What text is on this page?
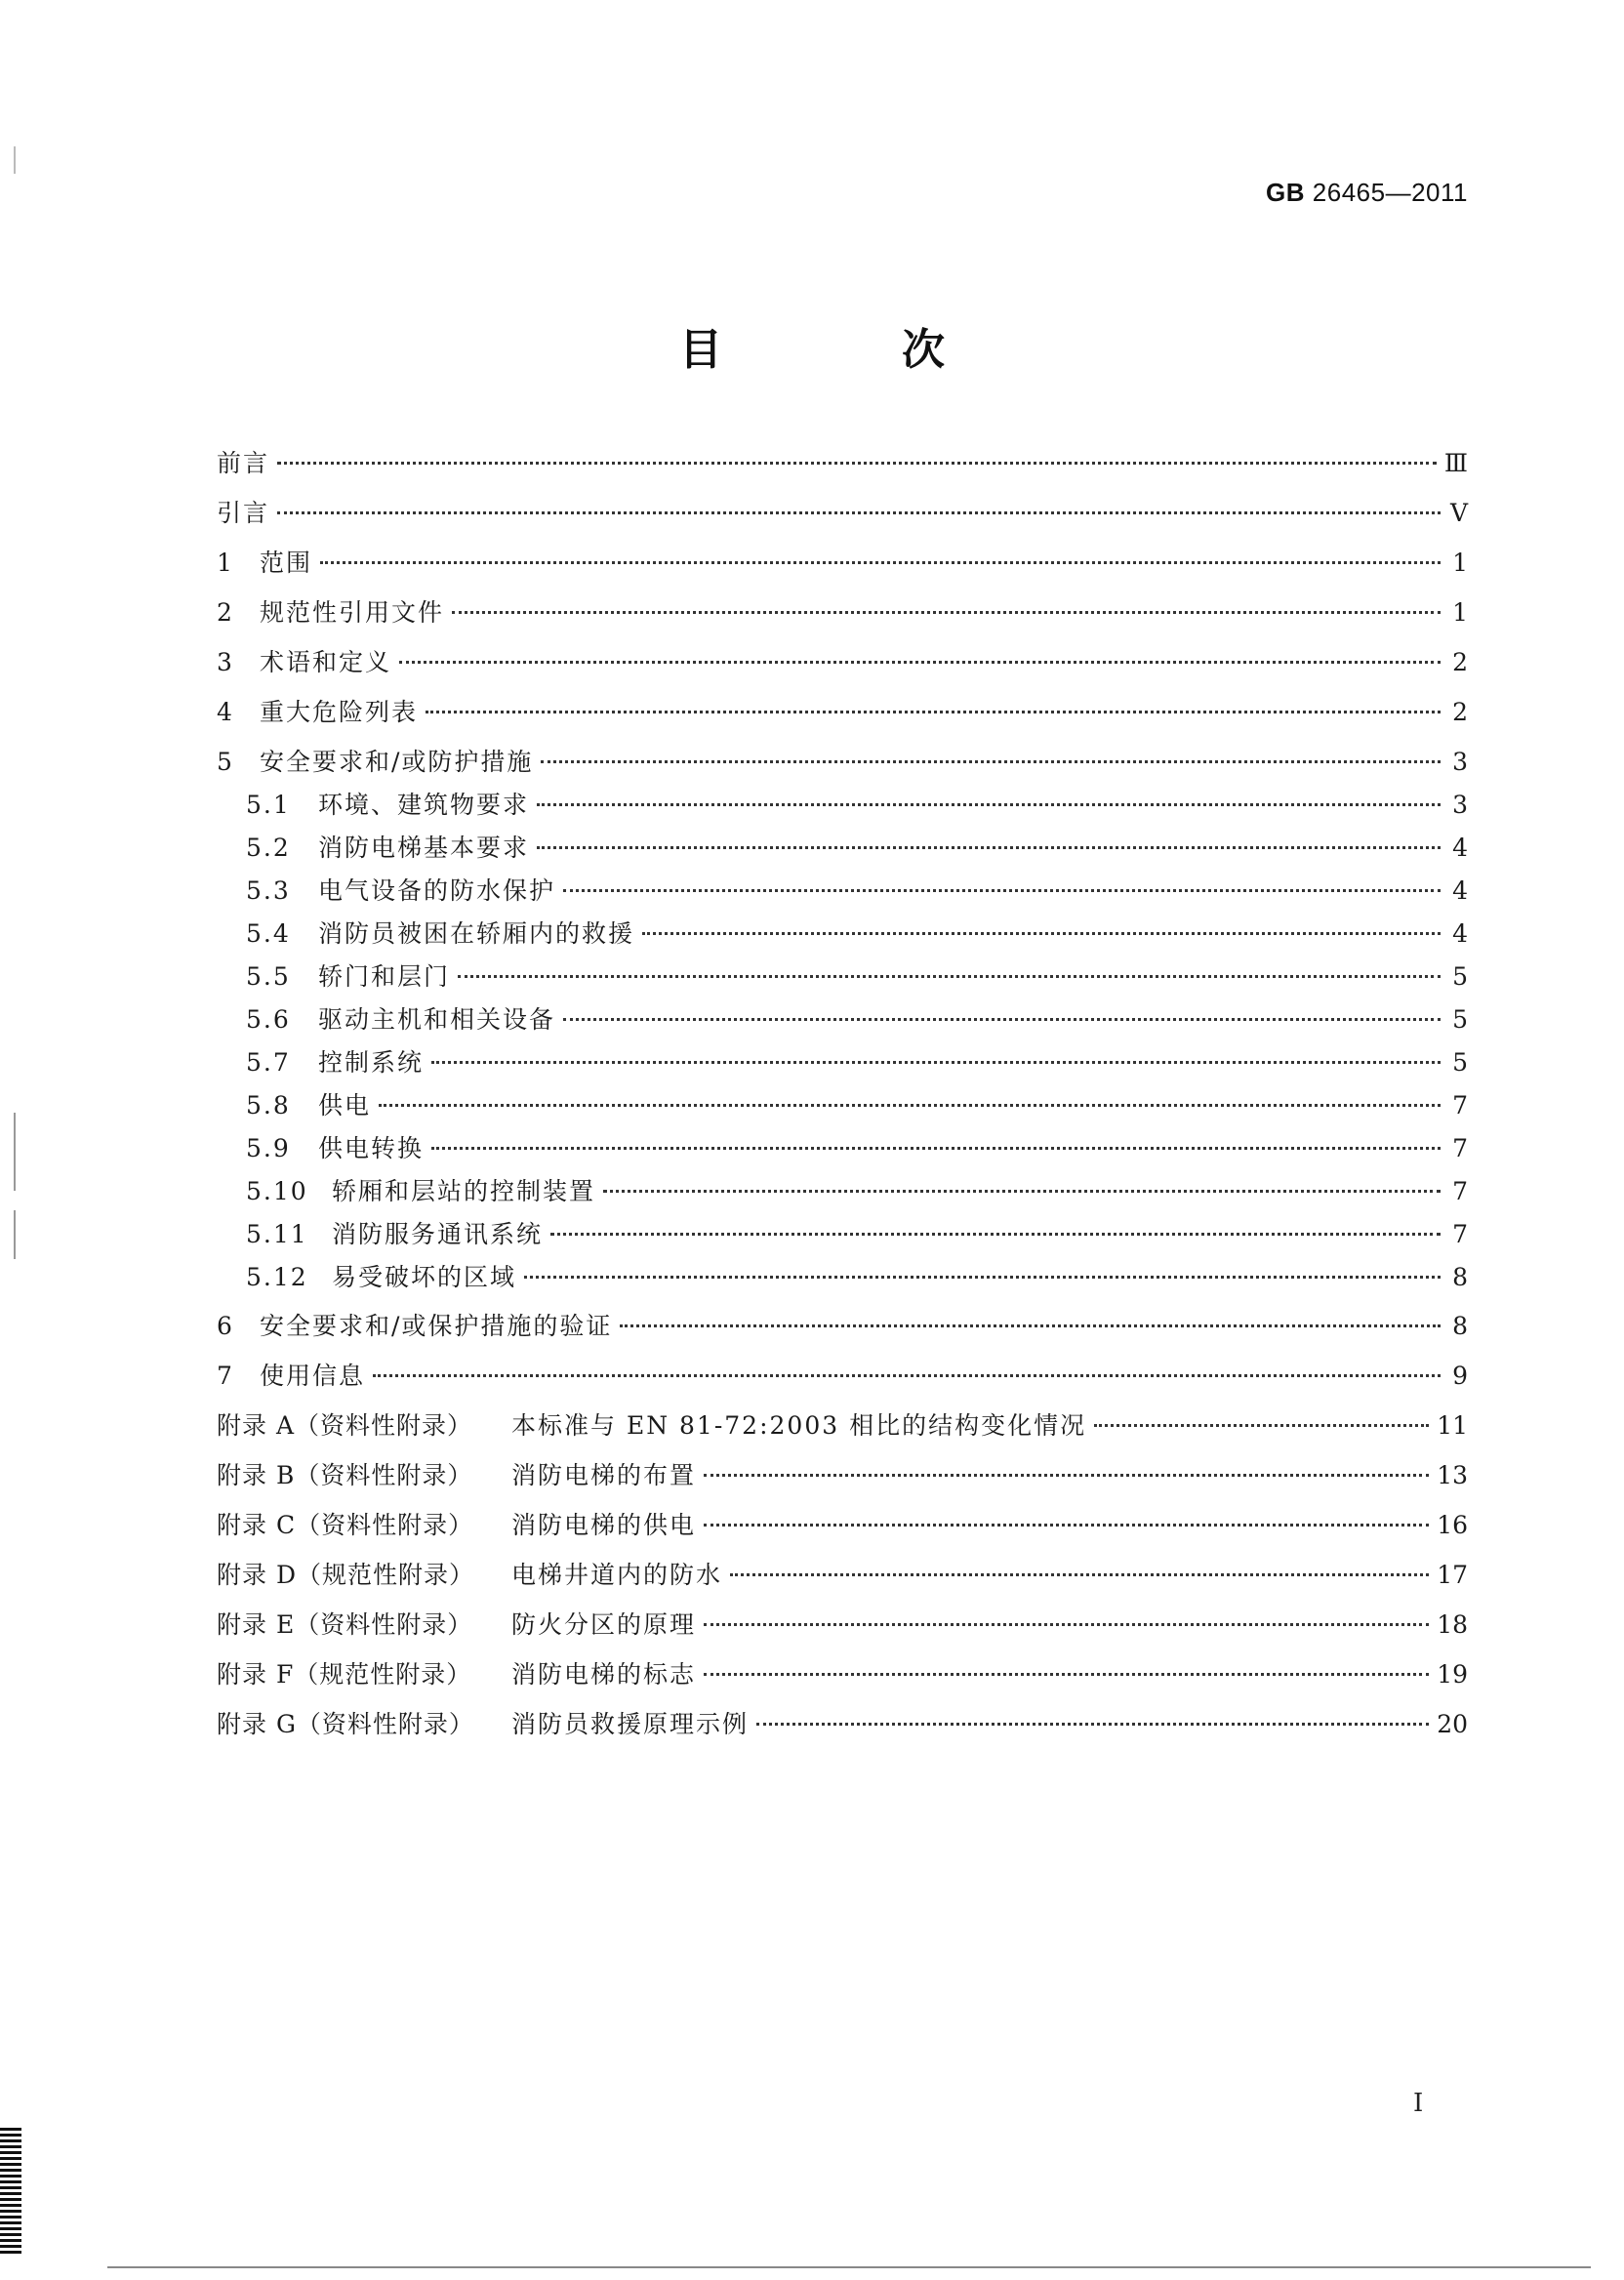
GB 26465—2011
目　次
前言	Ⅲ
引言	Ⅴ
1	范围	1
2	规范性引用文件	1
3	术语和定义	2
4	重大危险列表	2
5	安全要求和/或防护措施	3
5.1	环境、建筑物要求	3
5.2	消防电梯基本要求	4
5.3	电气设备的防水保护	4
5.4	消防员被困在轿厢内的救援	4
5.5	轿门和层门	5
5.6	驱动主机和相关设备	5
5.7	控制系统	5
5.8	供电	7
5.9	供电转换	7
5.10 轿厢和层站的控制装置	7
5.11 消防服务通讯系统	7
5.12 易受破坏的区域	8
6	安全要求和/或保护措施的验证	8
7	使用信息	9
附录 A（资料性附录）	本标准与 EN 81-72:2003 相比的结构变化情况	11
附录 B（资料性附录）	消防电梯的布置	13
附录 C（资料性附录）	消防电梯的供电	16
附录 D（规范性附录）	电梯井道内的防水	17
附录 E（资料性附录）	防火分区的原理	18
附录 F（规范性附录）	消防电梯的标志	19
附录 G（资料性附录）	消防员救援原理示例	20
Ⅰ
